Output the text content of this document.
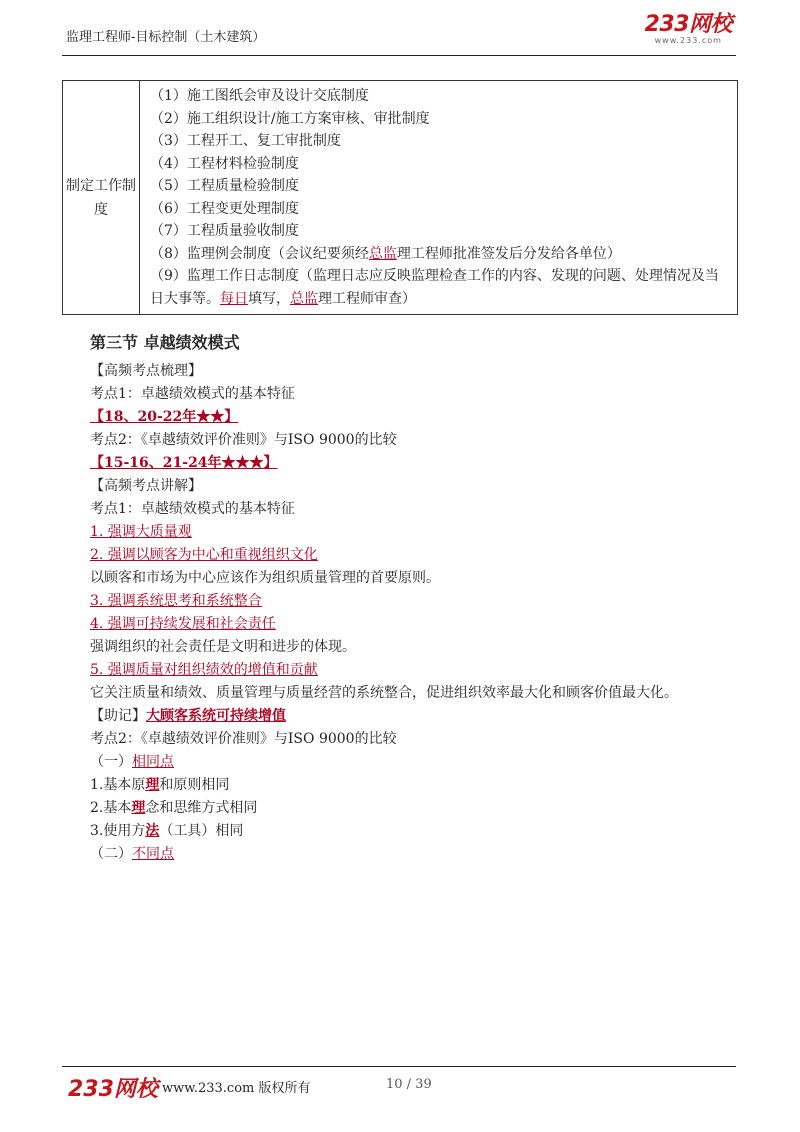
监理工程师-目标控制（土木建筑）
233网校
www.233.com
制定工作制度	
（1）施工图纸会审及设计交底制度
（2）施工组织设计/施工方案审核、审批制度
（3）工程开工、复工审批制度
（4）工程材料检验制度
（5）工程质量检验制度
（6）工程变更处理制度
（7）工程质量验收制度
（8）监理例会制度（会议纪要须经总监理工程师批准签发后分发给各单位）
（9）监理工作日志制度（监理日志应反映监理检查工作的内容、发现的问题、处理情况及当日大事等。每日填写，总监理工程师审查）
第三节 卓越绩效模式
【高频考点梳理】
考点1：卓越绩效模式的基本特征
【18、20-22年★★】
考点2：《卓越绩效评价准则》与ISO 9000的比较
【15-16、21-24年★★★】
【高频考点讲解】
考点1：卓越绩效模式的基本特征
1. 强调大质量观
2. 强调以顾客为中心和重视组织文化
以顾客和市场为中心应该作为组织质量管理的首要原则。
3. 强调系统思考和系统整合
4. 强调可持续发展和社会责任
强调组织的社会责任是文明和进步的体现。
5. 强调质量对组织绩效的增值和贡献
它关注质量和绩效、质量管理与质量经营的系统整合，促进组织效率最大化和顾客价值最大化。
【助记】大顾客系统可持续增值
考点2：《卓越绩效评价准则》与ISO 9000的比较
（一）相同点
1.基本原理和原则相同
2.基本理念和思维方式相同
3.使用方法（工具）相同
（二）不同点
233网校 www.233.com 版权所有	10 / 39
